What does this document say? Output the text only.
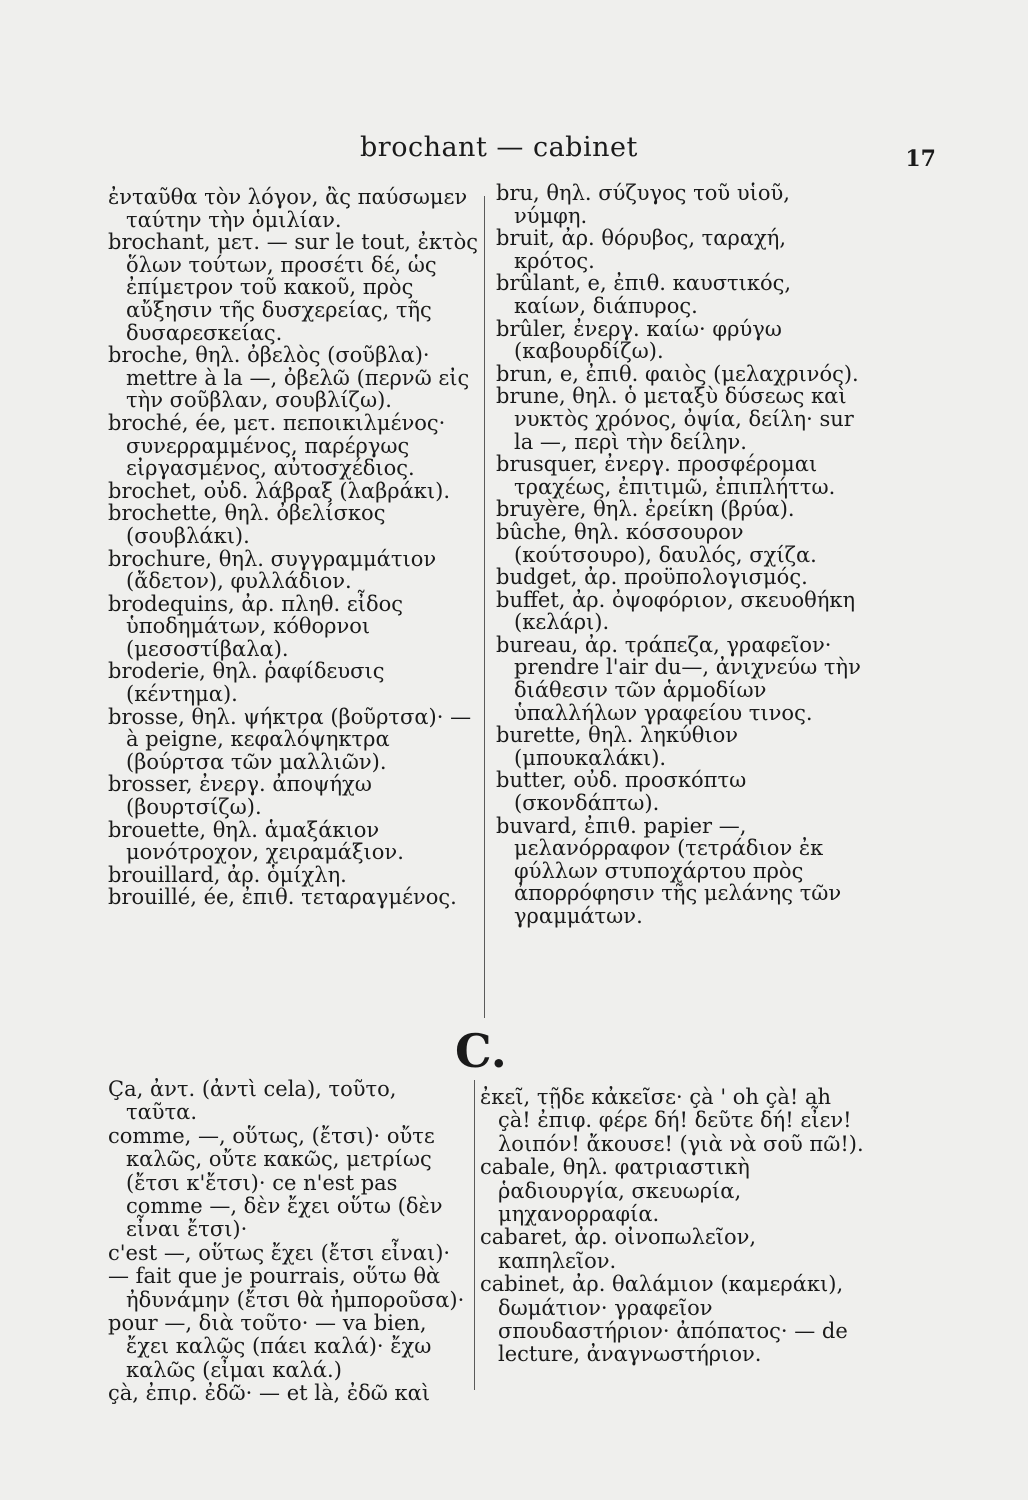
brochant — cabinet	17

ἐνταῦθα τὸν λόγον, ἂς παύσωμεν ταύτην τὴν ὁμιλίαν.

brochant, μετ. — sur le tout, ἐκτὸς ὅλων τούτων, προσέτι δέ, ὡς ἐπίμετρον τοῦ κακοῦ, πρὸς αὔξησιν τῆς δυσχερείας, τῆς δυσαρεσκείας.

broche, θηλ. ὀβελὸς (σοῦβλα)· mettre à la —, ὀβελῶ (περνῶ εἰς τὴν σοῦβλαν, σουβλίζω).

broché, ée, μετ. πεποικιλμένος· συνερραμμένος, παρέργως εἰργασμένος, αὐτοσχέδιος.

brochet, οὐδ. λάβραξ (λαβράκι).

brochette, θηλ. ὀβελίσκος (σουβλάκι).

brochure, θηλ. συγγραμμάτιον (ἄδετον), φυλλάδιον.

brodequins, ἀρ. πληθ. εἶδος ὑποδημάτων, κόθορνοι (μεσοστίβαλα).

broderie, θηλ. ῥαφίδευσις (κέντημα).

brosse, θηλ. ψήκτρα (βοῦρτσα)· —à peigne, κεφαλόψηκτρα (βούρτσα τῶν μαλλιῶν).

brosser, ἐνεργ. ἀποψήχω (βουρτσίζω).

brouette, θηλ. ἁμαξάκιον μονότροχον, χειραμάξιον.

brouillard, ἀρ. ὁμίχλη.

brouillé, ée, ἐπιθ. τεταραγμένος.

bru, θηλ. σύζυγος τοῦ υἱοῦ, νύμφη.

bruit, ἀρ. θόρυβος, ταραχή, κρότος.

brûlant, e, ἐπιθ. καυστικός, καίων, διάπυρος.

brûler, ἐνεργ. καίω· φρύγω (καβουρδίζω).

brun, e, ἐπιθ. φαιὸς (μελαχρινός).

brune, θηλ. ὁ μεταξὺ δύσεως καὶ νυκτὸς χρόνος, ὀψία, δείλη· sur la —, περὶ τὴν δείλην.

brusquer, ἐνεργ. προσφέρομαι τραχέως, ἐπιτιμῶ, ἐπιπλήττω.

bruyère, θηλ. ἐρείκη (βρύα).

bûche, θηλ. κόσσουρον (κούτσουρο), δαυλός, σχίζα.

budget, ἀρ. προϋπολογισμός.

buffet, ἀρ. ὀψοφόριον, σκευοθήκη (κελάρι).

bureau, ἀρ. τράπεζα, γραφεῖον· prendre l'air du—, ἀνιχνεύω τὴν διάθεσιν τῶν ἁρμοδίων ὑπαλλήλων γραφείου τινος.

burette, θηλ. ληκύθιον (μπουκαλάκι).

butter, οὐδ. προσκόπτω (σκονδάπτω).

buvard, ἐπιθ. papier —, μελανόρραφον (τετράδιον ἐκ φύλλων στυποχάρτου πρὸς ἀπορρόφησιν τῆς μελάνης τῶν γραμμάτων.

C.

Ça, ἀντ. (ἀντὶ cela), τοῦτο, ταῦτα.

comme, —, οὕτως, (ἔτσι)· οὔτε καλῶς, οὔτε κακῶς, μετρίως (ἔτσι κ'ἔτσι)· ce n'est pas comme —, δὲν ἔχει οὕτω (δὲν εἶναι ἔτσι)·

c'est —, οὕτως ἔχει (ἔτσι εἶναι)·

— fait que je pourrais, οὕτω θὰ ἠδυνάμην (ἔτσι θὰ ἠμποροῦσα)·

pour —, διὰ τοῦτο· — va bien, ἔχει καλῶς (πάει καλά)· ἔχω καλῶς (εἶμαι καλά.)

çà, ἐπιρ. ἐδῶ· — et là, ἐδῶ καὶ

ἐκεῖ, τῇδε κἀκεῖσε· çà ' oh çà! ah çà! ἐπιφ. φέρε δή! δεῦτε δή! εἶεν! λοιπόν! ἄκουσε! (γιὰ νὰ σοῦ πῶ!).

cabale, θηλ. φατριαστικὴ ῥαδιουργία, σκευωρία, μηχανορραφία.

cabaret, ἀρ. οἰνοπωλεῖον, καπηλεῖον.

cabinet, ἀρ. θαλάμιον (καμεράκι), δωμάτιον· γραφεῖον σπουδαστήριον· ἀπόπατος· — de lecture, ἀναγνωστήριον.
